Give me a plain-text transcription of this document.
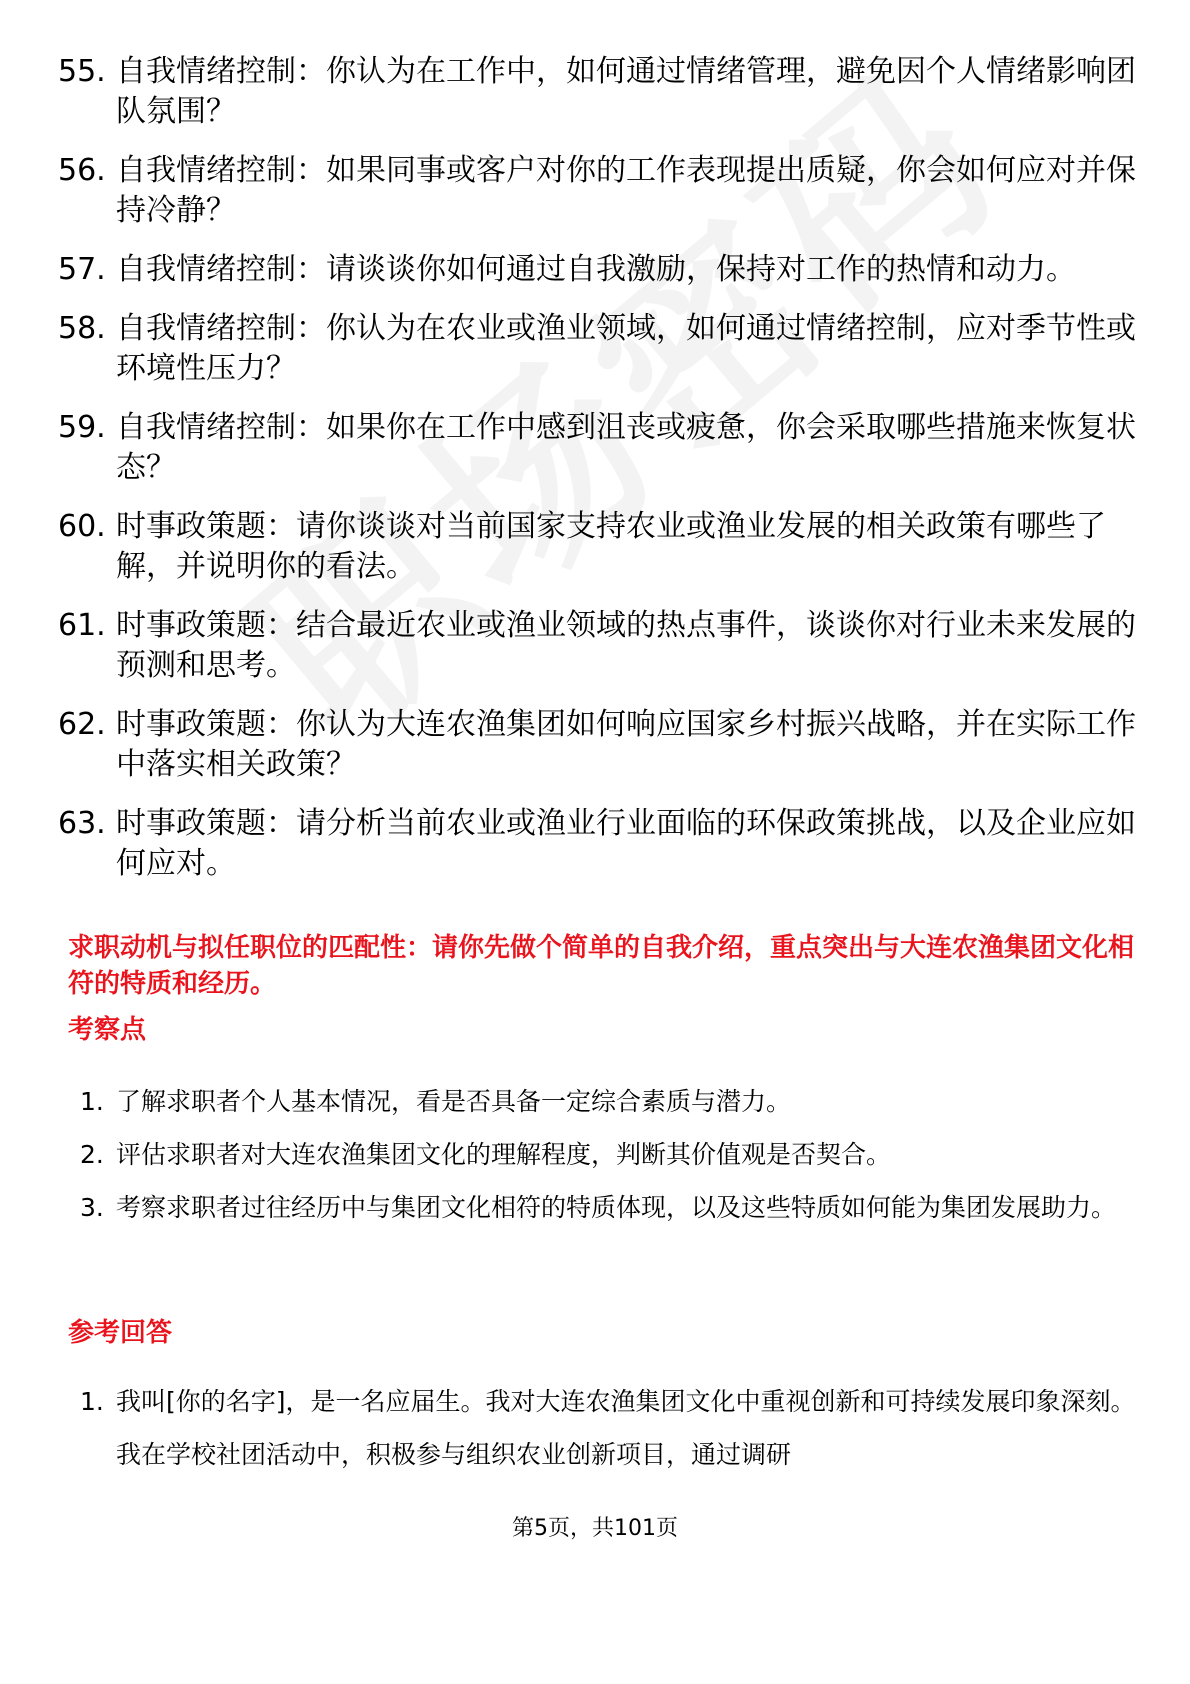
55. 自我情绪控制：你认为在工作中，如何通过情绪管理，避免因个人情绪影响团队氛围？
56. 自我情绪控制：如果同事或客户对你的工作表现提出质疑，你会如何应对并保持冷静？
57. 自我情绪控制：请谈谈你如何通过自我激励，保持对工作的热情和动力。
58. 自我情绪控制：你认为在农业或渔业领域，如何通过情绪控制，应对季节性或环境性压力？
59. 自我情绪控制：如果你在工作中感到沮丧或疲惫，你会采取哪些措施来恢复状态？
60. 时事政策题：请你谈谈对当前国家支持农业或渔业发展的相关政策有哪些了解，并说明你的看法。
61. 时事政策题：结合最近农业或渔业领域的热点事件，谈谈你对行业未来发展的预测和思考。
62. 时事政策题：你认为大连农渔集团如何响应国家乡村振兴战略，并在实际工作中落实相关政策？
63. 时事政策题：请分析当前农业或渔业行业面临的环保政策挑战，以及企业应如何应对。
求职动机与拟任职位的匹配性：请你先做个简单的自我介绍，重点突出与大连农渔集团文化相符的特质和经历。
考察点
1. 了解求职者个人基本情况，看是否具备一定综合素质与潜力。
2. 评估求职者对大连农渔集团文化的理解程度，判断其价值观是否契合。
3. 考察求职者过往经历中与集团文化相符的特质体现，以及这些特质如何能为集团发展助力。
参考回答
1. 我叫[你的名字]，是一名应届生。我对大连农渔集团文化中重视创新和可持续发展印象深刻。我在学校社团活动中，积极参与组织农业创新项目，通过调研
第5页，共101页
